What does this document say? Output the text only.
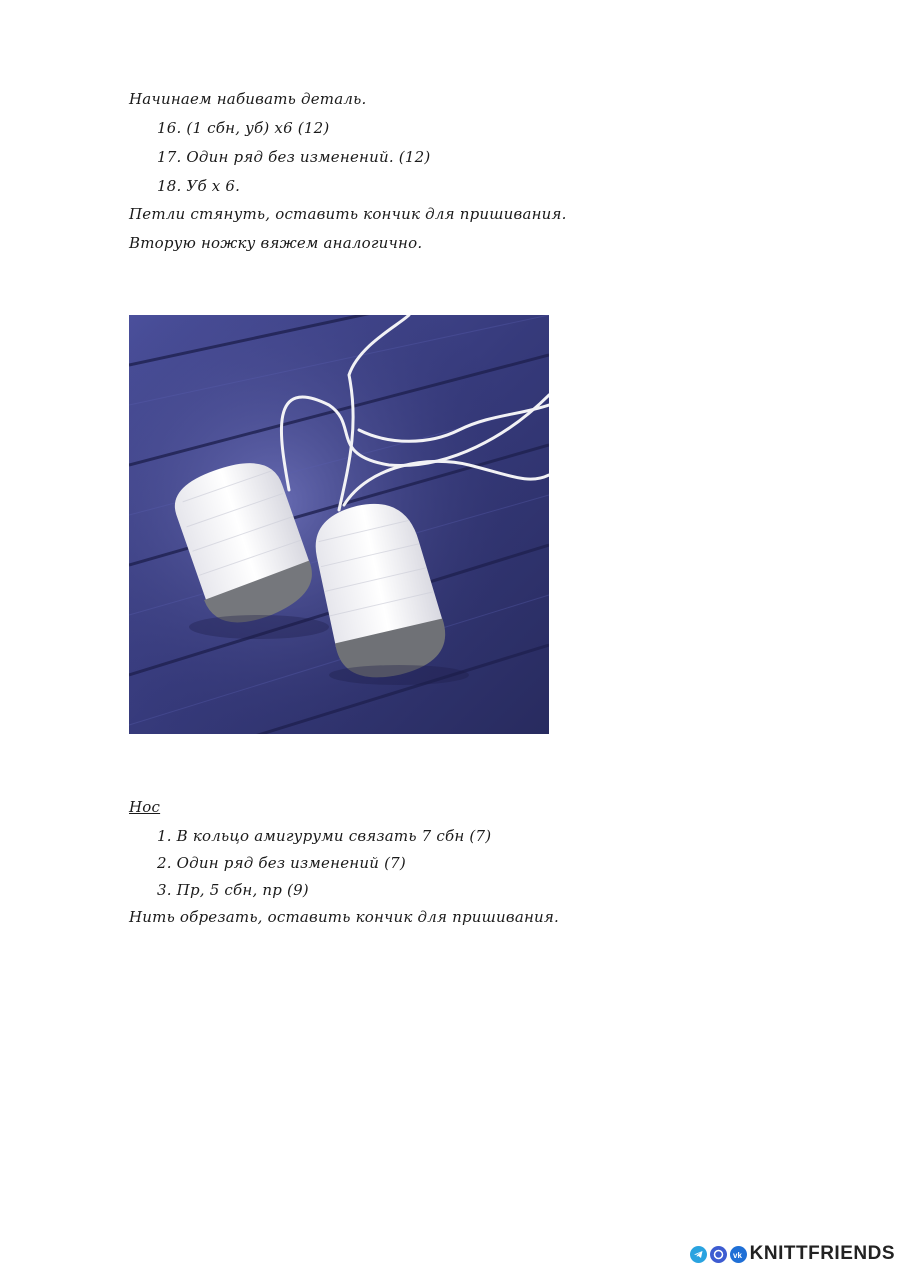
Начинаем набивать деталь.
16. (1 сбн, уб) х6 (12)
17. Один ряд без изменений. (12)
18. Уб х 6.
Петли стянуть, оставить кончик для пришивания.
Вторую ножку вяжем аналогично.
Нос
1. В кольцо амигуруми связать 7 сбн (7)
2. Один ряд без изменений (7)
3. Пр, 5 сбн, пр (9)
Нить обрезать, оставить кончик для пришивания.
vk KNITTFRIENDS
